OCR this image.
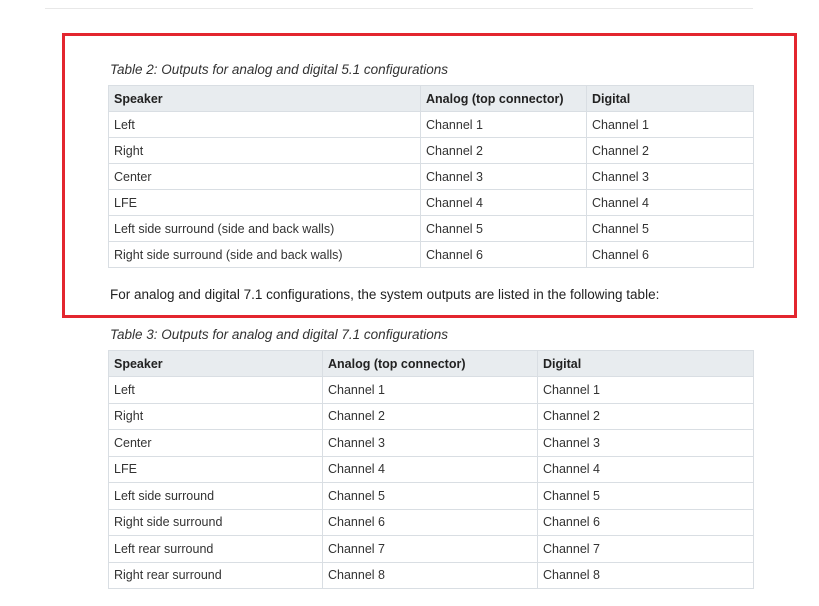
Table 2: Outputs for analog and digital 5.1 configurations
Speaker	Analog (top connector)	Digital
Left	Channel 1	Channel 1
Right	Channel 2	Channel 2
Center	Channel 3	Channel 3
LFE	Channel 4	Channel 4
Left side surround (side and back walls)	Channel 5	Channel 5
Right side surround (side and back walls)	Channel 6	Channel 6
For analog and digital 7.1 configurations, the system outputs are listed in the following table:
Table 3: Outputs for analog and digital 7.1 configurations
Speaker	Analog (top connector)	Digital
Left	Channel 1	Channel 1
Right	Channel 2	Channel 2
Center	Channel 3	Channel 3
LFE	Channel 4	Channel 4
Left side surround	Channel 5	Channel 5
Right side surround	Channel 6	Channel 6
Left rear surround	Channel 7	Channel 7
Right rear surround	Channel 8	Channel 8
